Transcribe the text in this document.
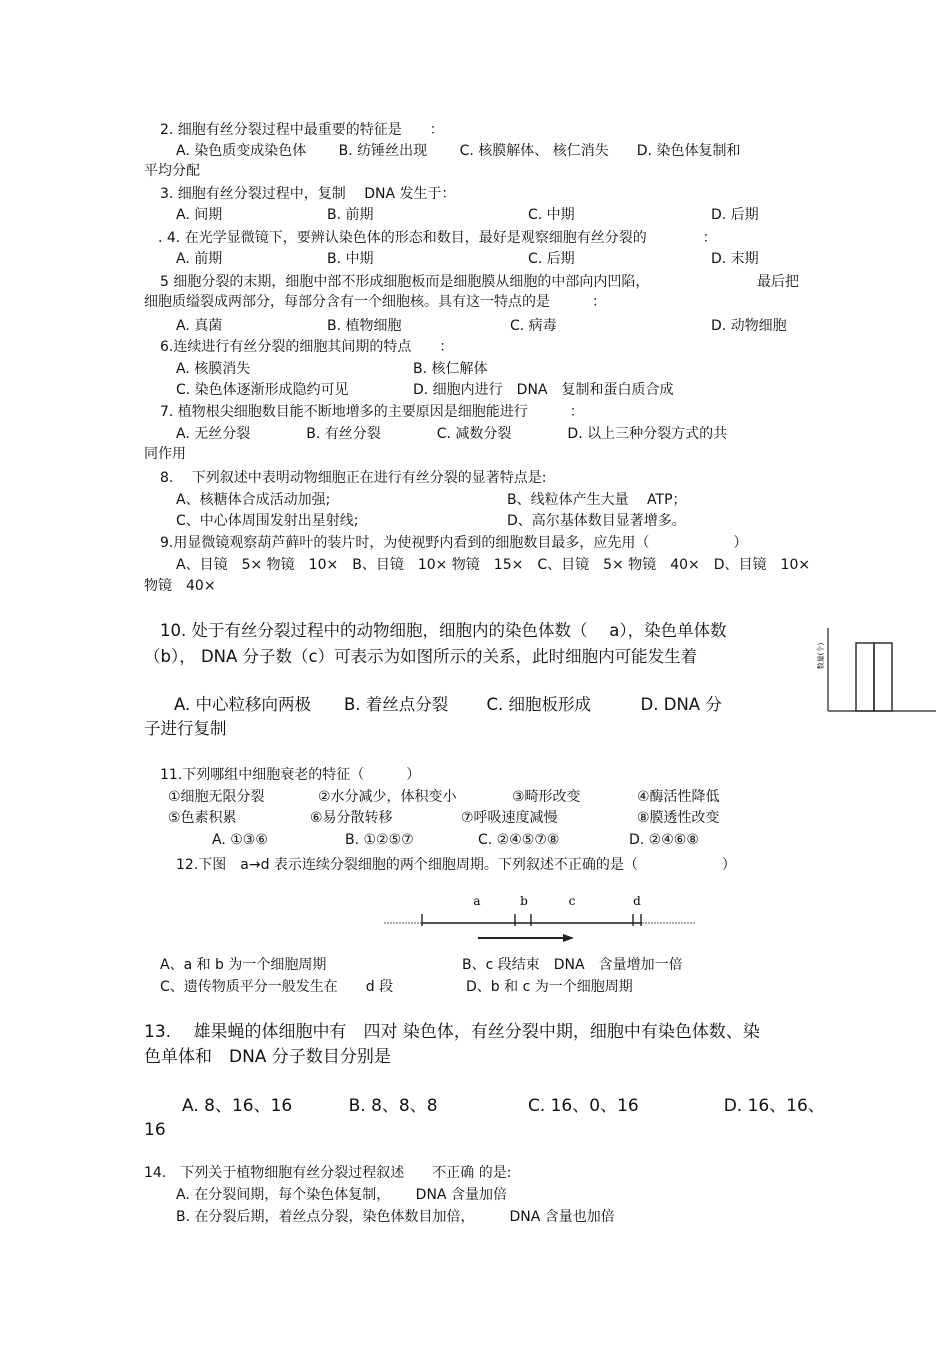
2. 细胞有丝分裂过程中最重要的特征是　　：
A. 染色质变成染色体　　 B. 纺锤丝出现　　 C. 核膜解体、 核仁消失　　D. 染色体复制和
平均分配
3. 细胞有丝分裂过程中，复制　 DNA 发生于：
A. 间期	B. 前期	C. 中期	D. 后期
. 4. 在光学显微镜下，要辨认染色体的形态和数目，最好是观察细胞有丝分裂的　　　　：
A. 前期	B. 中期	C. 后期	D. 末期
5 细胞分裂的末期，细胞中部不形成细胞板而是细胞膜从细胞的中部向内凹陷，	最后把
细胞质缢裂成两部分，每部分含有一个细胞核。具有这一特点的是　　　：
A. 真菌	B. 植物细胞	C. 病毒	D. 动物细胞
6.连续进行有丝分裂的细胞其间期的特点　　：
A. 核膜消失	B. 核仁解体
C. 染色体逐渐形成隐约可见	D. 细胞内进行　DNA　复制和蛋白质合成
7. 植物根尖细胞数目能不断地增多的主要原因是细胞能进行　　　：
A. 无丝分裂　　　　B. 有丝分裂　　　　C. 减数分裂　　　　D. 以上三种分裂方式的共
同作用
8.　 下列叙述中表明动物细胞正在进行有丝分裂的显著特点是:
A、核糖体合成活动加强;	B、线粒体产生大量　 ATP；
C、中心体周围发射出星射线;	D、高尔基体数目显著增多。
9.用显微镜观察葫芦藓叶的装片时，为使视野内看到的细胞数目最多，应先用（　　　　　　）
A、目镜　5× 物镜　10×　B、目镜　10× 物镜　15×　C、目镜　5× 物镜　40×　D、目镜　10×
物镜　40×
10. 处于有丝分裂过程中的动物细胞，细胞内的染色体数（　 a），染色单体数
（b）， DNA 分子数（c）可表示为如图所示的关系，此时细胞内可能发生着
A. 中心粒移向两极　　B. 着丝点分裂　　 C. 细胞板形成　　　D. DNA 分
子进行复制
数量(个)
11.下列哪组中细胞衰老的特征（　　　）
①细胞无限分裂	②水分减少，体积变小	③畸形改变	④酶活性降低
⑤色素积累	⑥易分散转移	⑦呼吸速度减慢	⑧膜透性改变
A. ①③⑥	B. ①②⑤⑦	C. ②④⑤⑦⑧	D. ②④⑥⑧
12.下图　a→d 表示连续分裂细胞的两个细胞周期。下列叙述不正确的是（　　　　　　）
a	b	c	d
A、a 和 b 为一个细胞周期	B、c 段结束　DNA　含量增加一倍
C、遗传物质平分一般发生在　　d 段	D、b 和 c 为一个细胞周期
13.　 雄果蝇的体细胞中有　四对 染色体，有丝分裂中期，细胞中有染色体数、染
色单体和　DNA 分子数目分别是
A. 8、16、16　　　 B. 8、8、8　　　　　 C. 16、0、16　　　　　D. 16、16、
16
14.　下列关于植物细胞有丝分裂过程叙述　　不正确 的是:
A. 在分裂间期，每个染色体复制，　　 DNA 含量加倍
B. 在分裂后期，着丝点分裂，染色体数目加倍，　　　DNA 含量也加倍
